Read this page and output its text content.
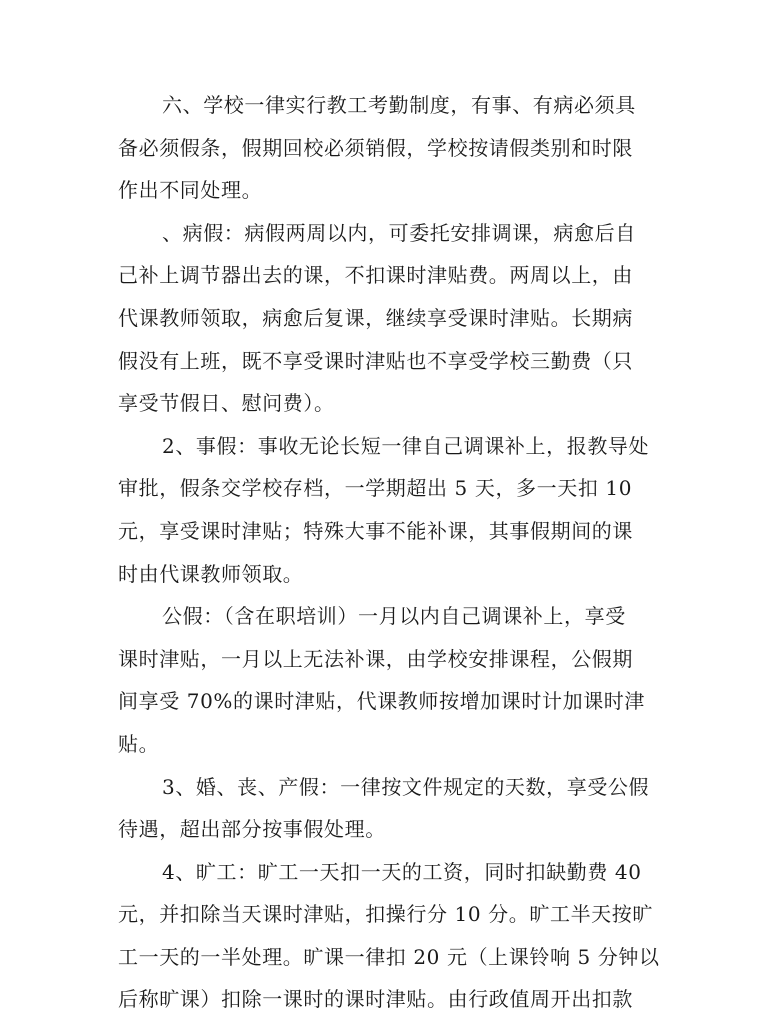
六、学校一律实行教工考勤制度，有事、有病必须具
备必须假条，假期回校必须销假，学校按请假类别和时限
作出不同处理。
、病假：病假两周以内，可委托安排调课，病愈后自
己补上调节器出去的课，不扣课时津贴费。两周以上，由
代课教师领取，病愈后复课，继续享受课时津贴。长期病
假没有上班，既不享受课时津贴也不享受学校三勤费（只
享受节假日、慰问费）。
2、事假：事收无论长短一律自己调课补上，报教导处
审批，假条交学校存档，一学期超出 5 天，多一天扣 10
元，享受课时津贴；特殊大事不能补课，其事假期间的课
时由代课教师领取。
公假：（含在职培训）一月以内自己调课补上，享受
课时津贴，一月以上无法补课，由学校安排课程，公假期
间享受 70%的课时津贴，代课教师按增加课时计加课时津
贴。
3、婚、丧、产假：一律按文件规定的天数，享受公假
待遇，超出部分按事假处理。
4、旷工：旷工一天扣一天的工资，同时扣缺勤费 40
元，并扣除当天课时津贴，扣操行分 10 分。旷工半天按旷
工一天的一半处理。旷课一律扣 20 元（上课铃响 5 分钟以
后称旷课）扣除一课时的课时津贴。由行政值周开出扣款
